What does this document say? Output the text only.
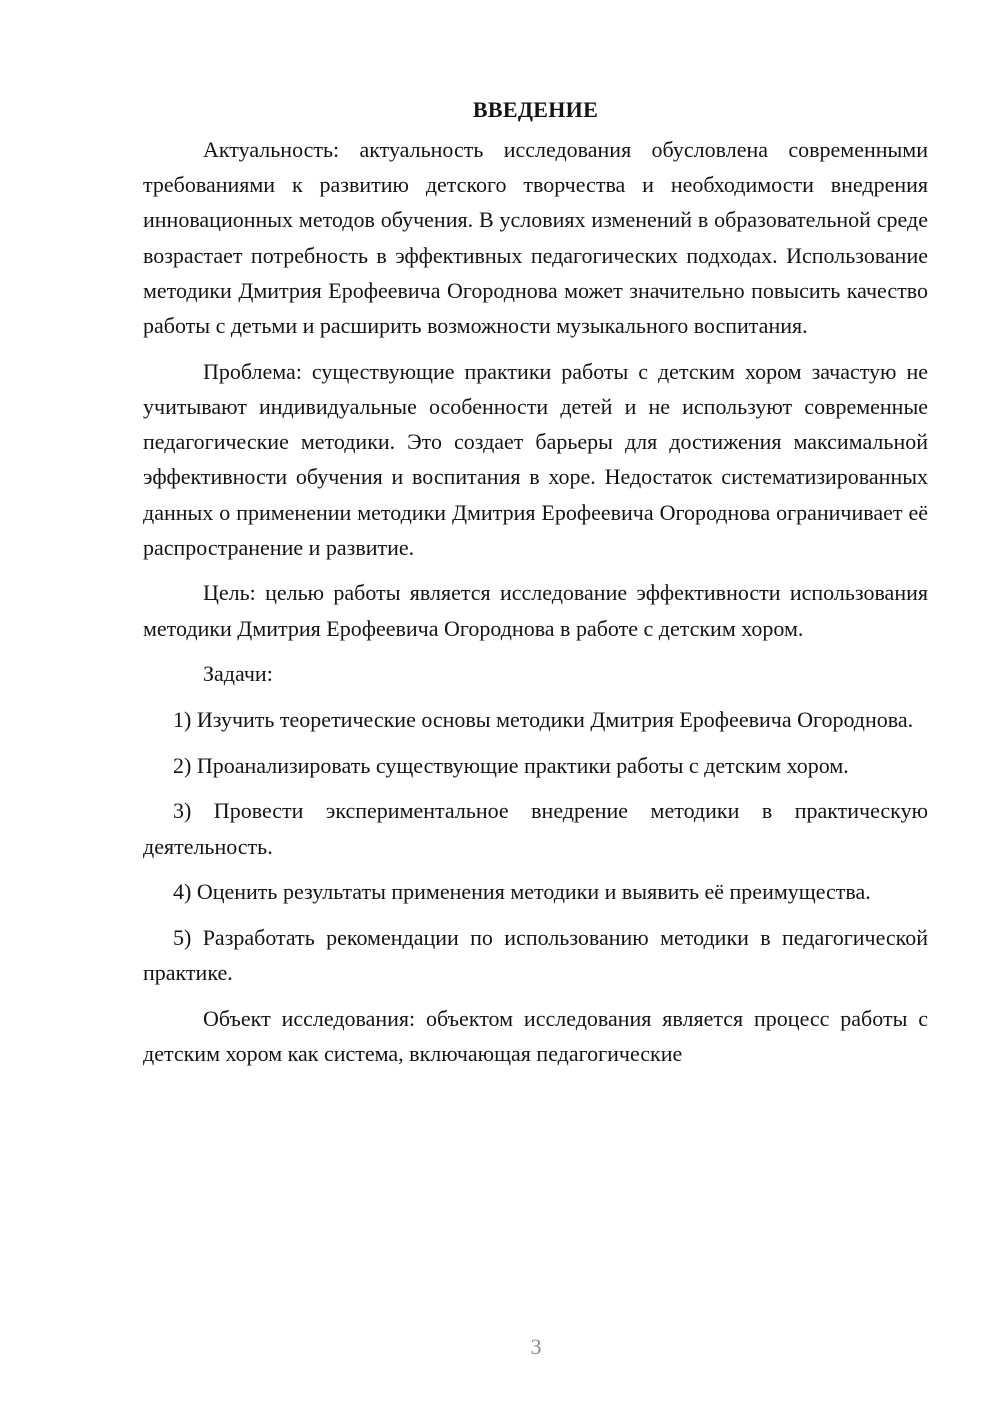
ВВЕДЕНИЕ

Актуальность: актуальность исследования обусловлена современными требованиями к развитию детского творчества и необходимости внедрения инновационных методов обучения. В условиях изменений в образовательной среде возрастает потребность в эффективных педагогических подходах. Использование методики Дмитрия Ерофеевича Огороднова может значительно повысить качество работы с детьми и расширить возможности музыкального воспитания.

Проблема: существующие практики работы с детским хором зачастую не учитывают индивидуальные особенности детей и не используют современные педагогические методики. Это создает барьеры для достижения максимальной эффективности обучения и воспитания в хоре. Недостаток систематизированных данных о применении методики Дмитрия Ерофеевича Огороднова ограничивает её распространение и развитие.

Цель: целью работы является исследование эффективности использования методики Дмитрия Ерофеевича Огороднова в работе с детским хором.

Задачи:

1) Изучить теоретические основы методики Дмитрия Ерофеевича Огороднова.

2) Проанализировать существующие практики работы с детским хором.

3) Провести экспериментальное внедрение методики в практическую деятельность.

4) Оценить результаты применения методики и выявить её преимущества.

5) Разработать рекомендации по использованию методики в педагогической практике.

Объект исследования: объектом исследования является процесс работы с детским хором как система, включающая педагогические

3
